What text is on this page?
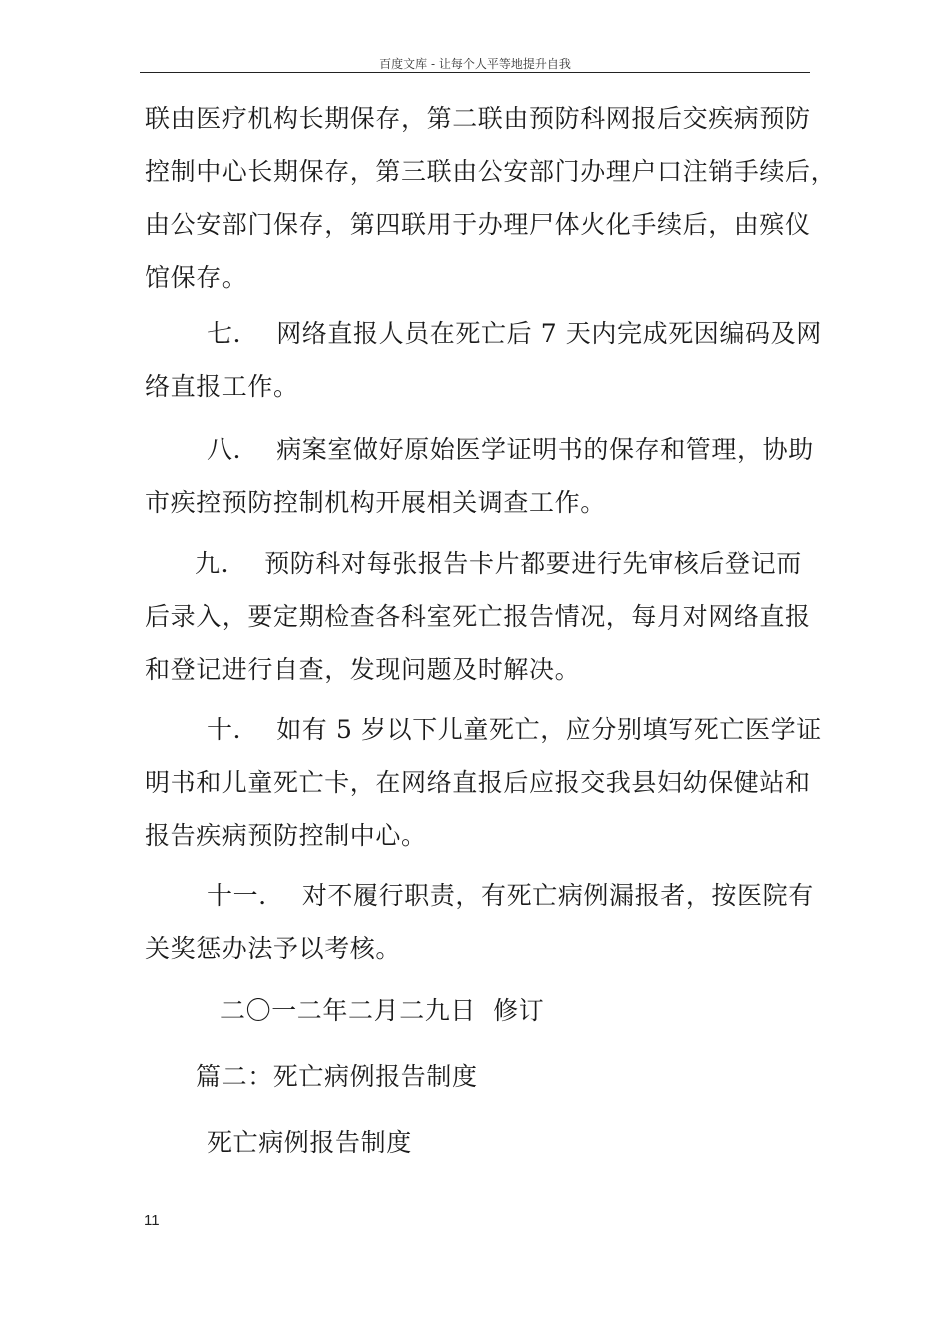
百度文库 - 让每个人平等地提升自我
联由医疗机构长期保存，第二联由预防科网报后交疾病预防
控制中心长期保存，第三联由公安部门办理户口注销手续后，
由公安部门保存，第四联用于办理尸体火化手续后，由殡仪
馆保存。
七． 网络直报人员在死亡后 7 天内完成死因编码及网
络直报工作。
八． 病案室做好原始医学证明书的保存和管理，协助
市疾控预防控制机构开展相关调查工作。
九． 预防科对每张报告卡片都要进行先审核后登记而
后录入，要定期检查各科室死亡报告情况，每月对网络直报
和登记进行自查，发现问题及时解决。
十． 如有 5 岁以下儿童死亡，应分别填写死亡医学证
明书和儿童死亡卡，在网络直报后应报交我县妇幼保健站和
报告疾病预防控制中心。
十一． 对不履行职责，有死亡病例漏报者，按医院有
关奖惩办法予以考核。
二〇一二年二月二九日  修订
篇二：死亡病例报告制度
死亡病例报告制度
11
